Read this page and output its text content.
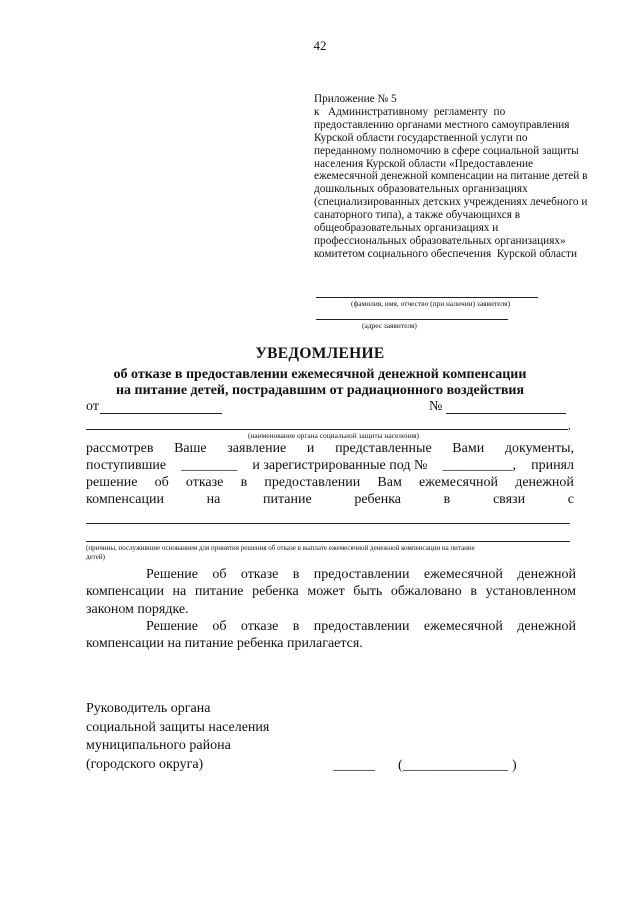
42
Приложение № 5
к   Административному  регламенту  по
предоставлению органами местного самоуправления
Курской области государственной услуги по
переданному полномочию в сфере социальной защиты
населения Курской области «Предоставление
ежемесячной денежной компенсации на питание детей в
дошкольных образовательных организациях
(специализированных детских учреждениях лечебного и
санаторного типа), а также обучающихся в
общеобразовательных организациях и
профессиональных образовательных организациях»
комитетом социального обеспечения  Курской области
(фамилия, имя, отчество (при наличии) заявителя)
(адрес заявителя)
УВЕДОМЛЕНИЕ
об отказе в предоставлении ежемесячной денежной компенсации
на питание детей, пострадавшим от радиационного воздействия
от	№
,
(наименование органа социальной защиты населения)
рассмотрев Ваше заявление и представленные Вами документы,
поступившие ________ и зарегистрированные под № __________, принял
решение об отказе в предоставлении Вам ежемесячной денежной
компенсации	на	питание	ребенка	в	связи	с
(причины, послужившие основанием для принятия решения об отказе в выплате ежемесячной денежной компенсации на питание
детей)

Решение об отказе в предоставлении ежемесячной денежной компенсации на питание ребенка может быть обжаловано в установленном законом порядке.

Решение об отказе в предоставлении ежемесячной денежной компенсации на питание ребенка прилагается.

Руководитель органа
социальной защиты населения
муниципального района
(городского округа)	______ ( _______________ )
